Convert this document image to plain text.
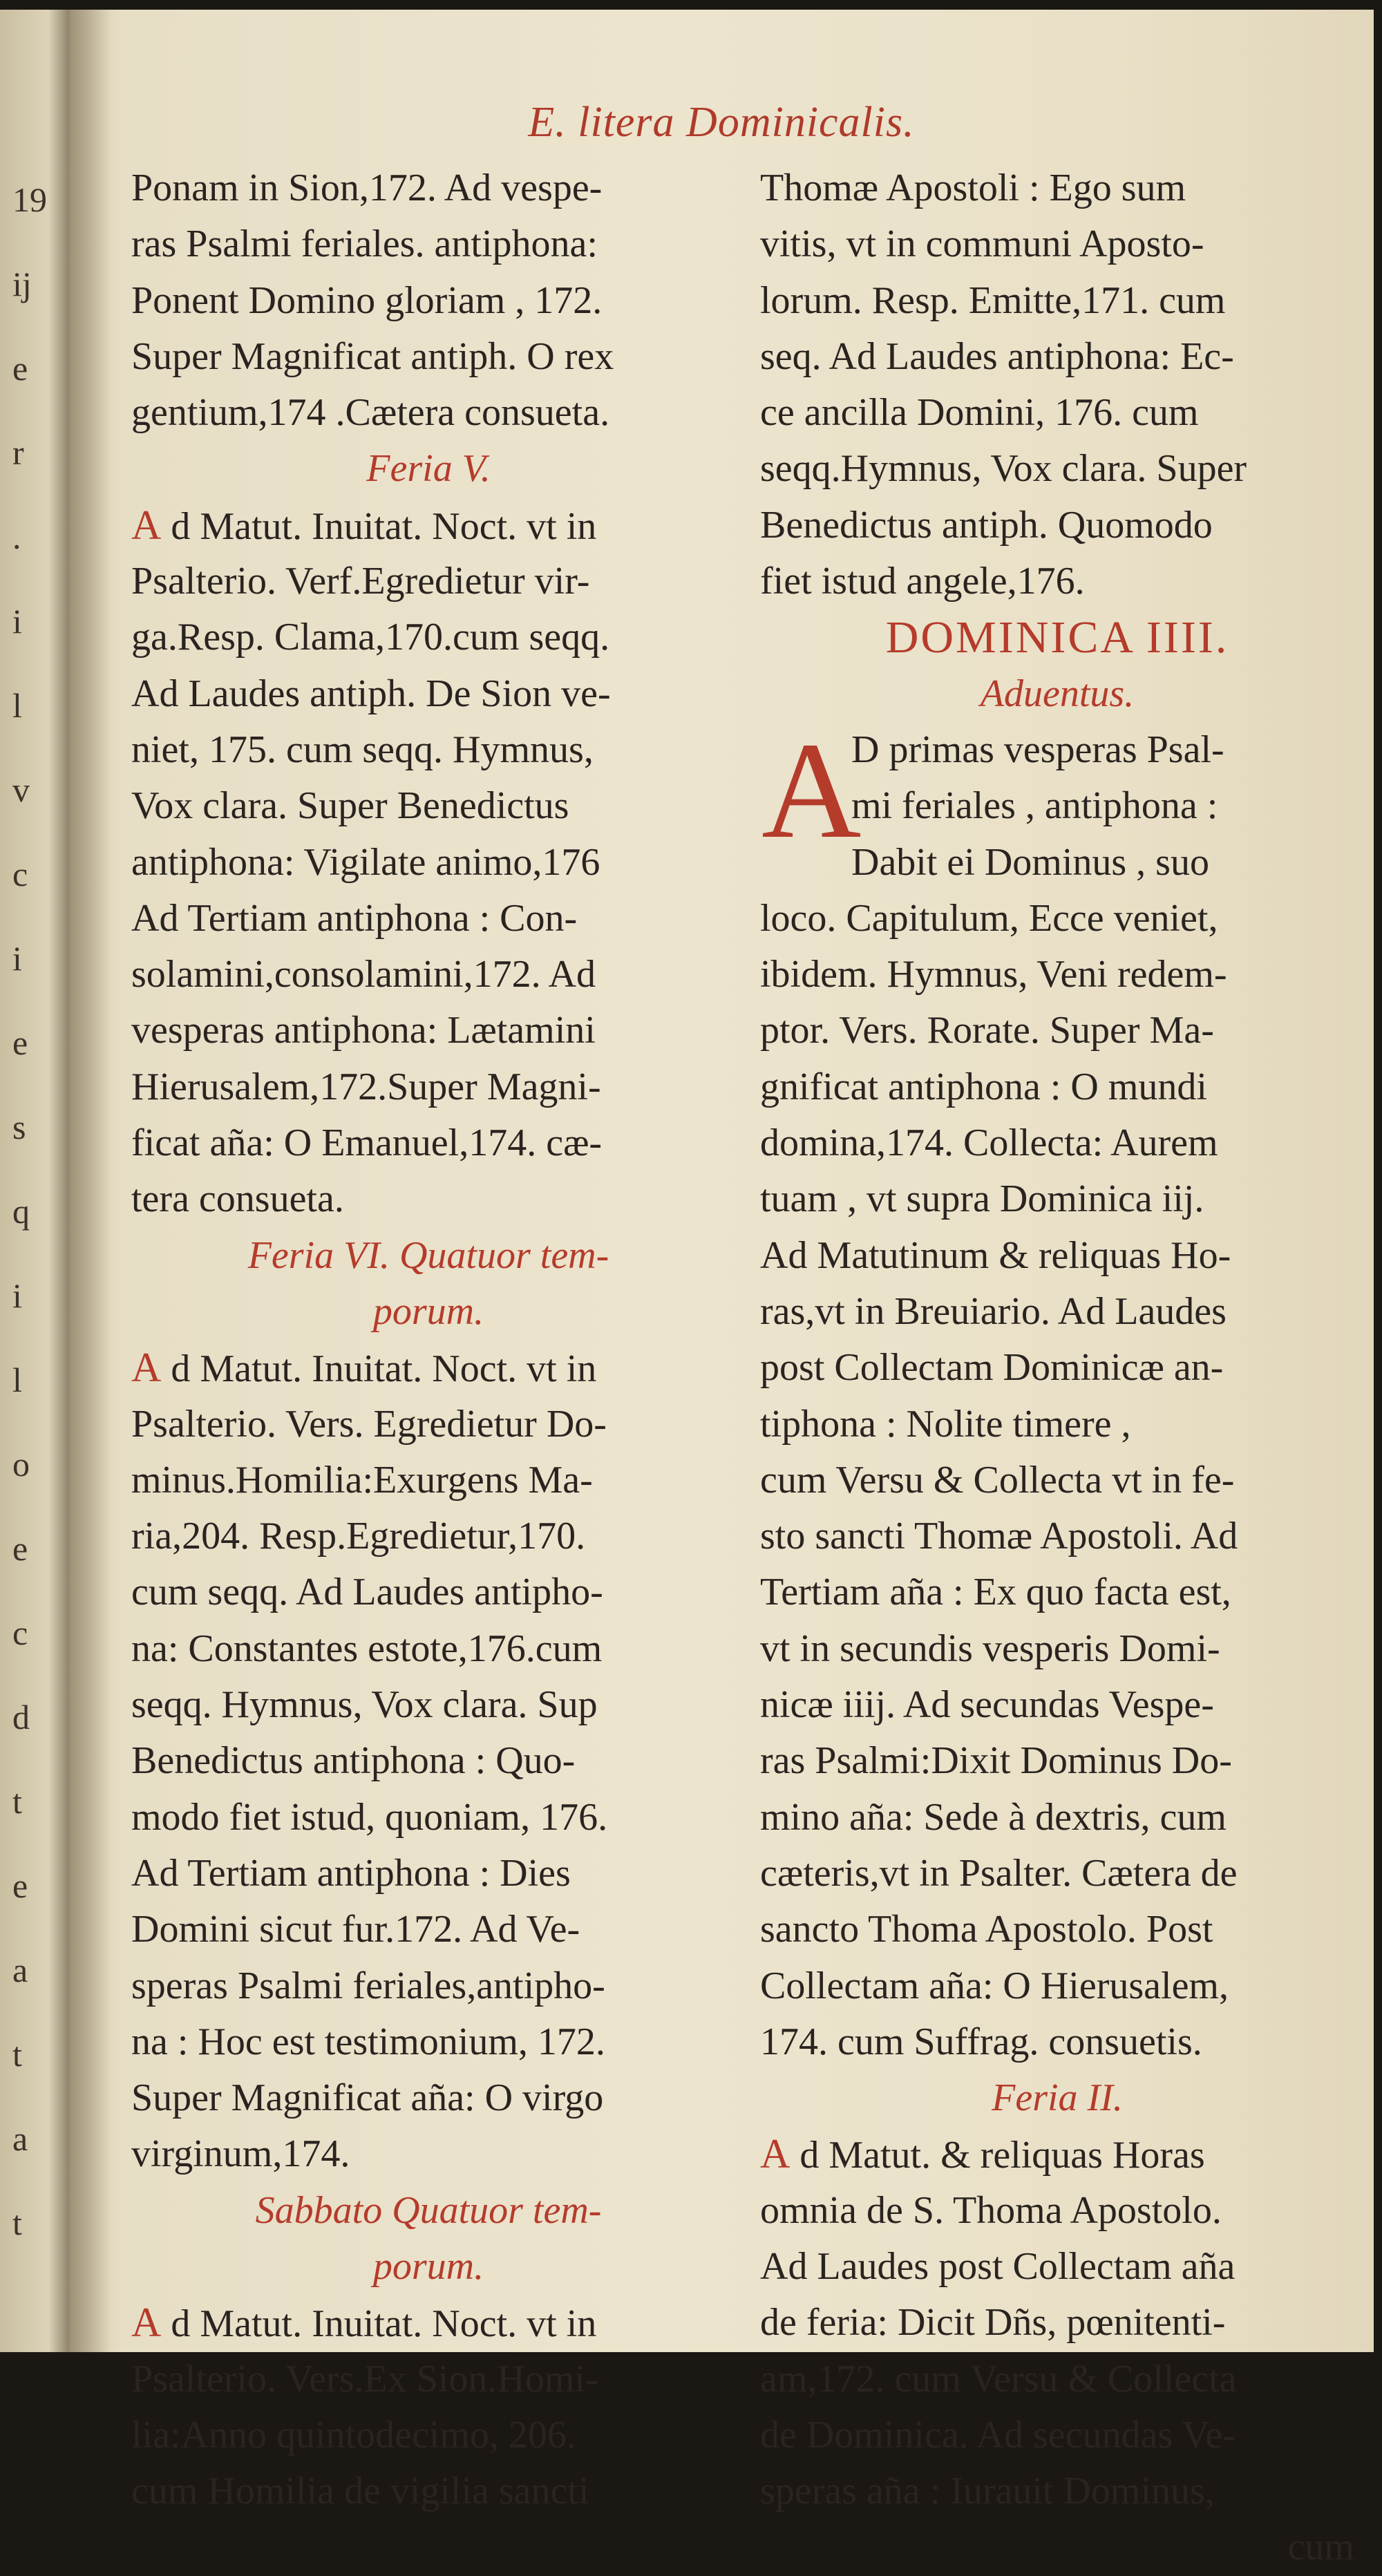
19
ij
e
r
.
i
l
v
c
i
e
s
q
i
l
o
e
c
d
t
e
a
t
a
t
E. litera Dominicalis.
Ponam in Sion,172. Ad vespe-
ras Psalmi feriales. antiphona:
Ponent Domino gloriam , 172.
Super Magnificat antiph. O rex
gentium,174 .Cætera consueta.
Feria V.
A d Matut. Inuitat. Noct. vt in
Psalterio. Verf.Egredietur vir-
ga.Resp. Clama,170.cum seqq.
Ad Laudes antiph. De Sion ve-
niet, 175. cum seqq. Hymnus,
Vox clara. Super Benedictus
antiphona: Vigilate animo,176
Ad Tertiam antiphona : Con-
solamini,consolamini,172. Ad
vesperas antiphona: Lætamini
Hierusalem,172.Super Magni-
ficat aña: O Emanuel,174. cæ-
tera consueta.
Feria VI. Quatuor tem-
porum.
A d Matut. Inuitat. Noct. vt in
Psalterio. Vers. Egredietur Do-
minus.Homilia:Exurgens Ma-
ria,204. Resp.Egredietur,170.
cum seqq. Ad Laudes antipho-
na: Constantes estote,176.cum
seqq. Hymnus, Vox clara. Sup
Benedictus antiphona : Quo-
modo fiet istud, quoniam, 176.
Ad Tertiam antiphona : Dies
Domini sicut fur.172. Ad Ve-
speras Psalmi feriales,antipho-
na : Hoc est testimonium, 172.
Super Magnificat aña: O virgo
virginum,174.
Sabbato Quatuor tem-
porum.
A d Matut. Inuitat. Noct. vt in
Psalterio. Vers.Ex Sion.Homi-
lia:Anno quintodecimo, 206.
cum Homilia de vigilia sancti
Thomæ Apostoli : Ego sum
vitis, vt in communi Aposto-
lorum. Resp. Emitte,171. cum
seq. Ad Laudes antiphona: Ec-
ce ancilla Domini, 176. cum
seqq.Hymnus, Vox clara. Super
Benedictus antiph. Quomodo
fiet istud angele,176.
DOMINICA IIII.
Aduentus.
A
D primas vesperas Psal-
mi feriales , antiphona :
Dabit ei Dominus , suo
loco. Capitulum, Ecce veniet,
ibidem. Hymnus, Veni redem-
ptor. Vers. Rorate. Super Ma-
gnificat antiphona : O mundi
domina,174. Collecta: Aurem
tuam , vt supra Dominica iij.
Ad Matutinum & reliquas Ho-
ras,vt in Breuiario. Ad Laudes
post Collectam Dominicæ an-
tiphona : Nolite timere ,
cum Versu & Collecta vt in fe-
sto sancti Thomæ Apostoli. Ad
Tertiam aña : Ex quo facta est,
vt in secundis vesperis Domi-
nicæ iiij. Ad secundas Vespe-
ras Psalmi:Dixit Dominus Do-
mino aña: Sede à dextris, cum
cæteris,vt in Psalter. Cætera de
sancto Thoma Apostolo. Post
Collectam aña: O Hierusalem,
174. cum Suffrag. consuetis.
Feria II.
A d Matut. & reliquas Horas
omnia de S. Thoma Apostolo.
Ad Laudes post Collectam aña
de feria: Dicit Dñs, pœnitenti-
am,172. cum Versu & Collecta
de Dominica. Ad secundas Ve-
speras aña : Iurauit Dominus,
cum
